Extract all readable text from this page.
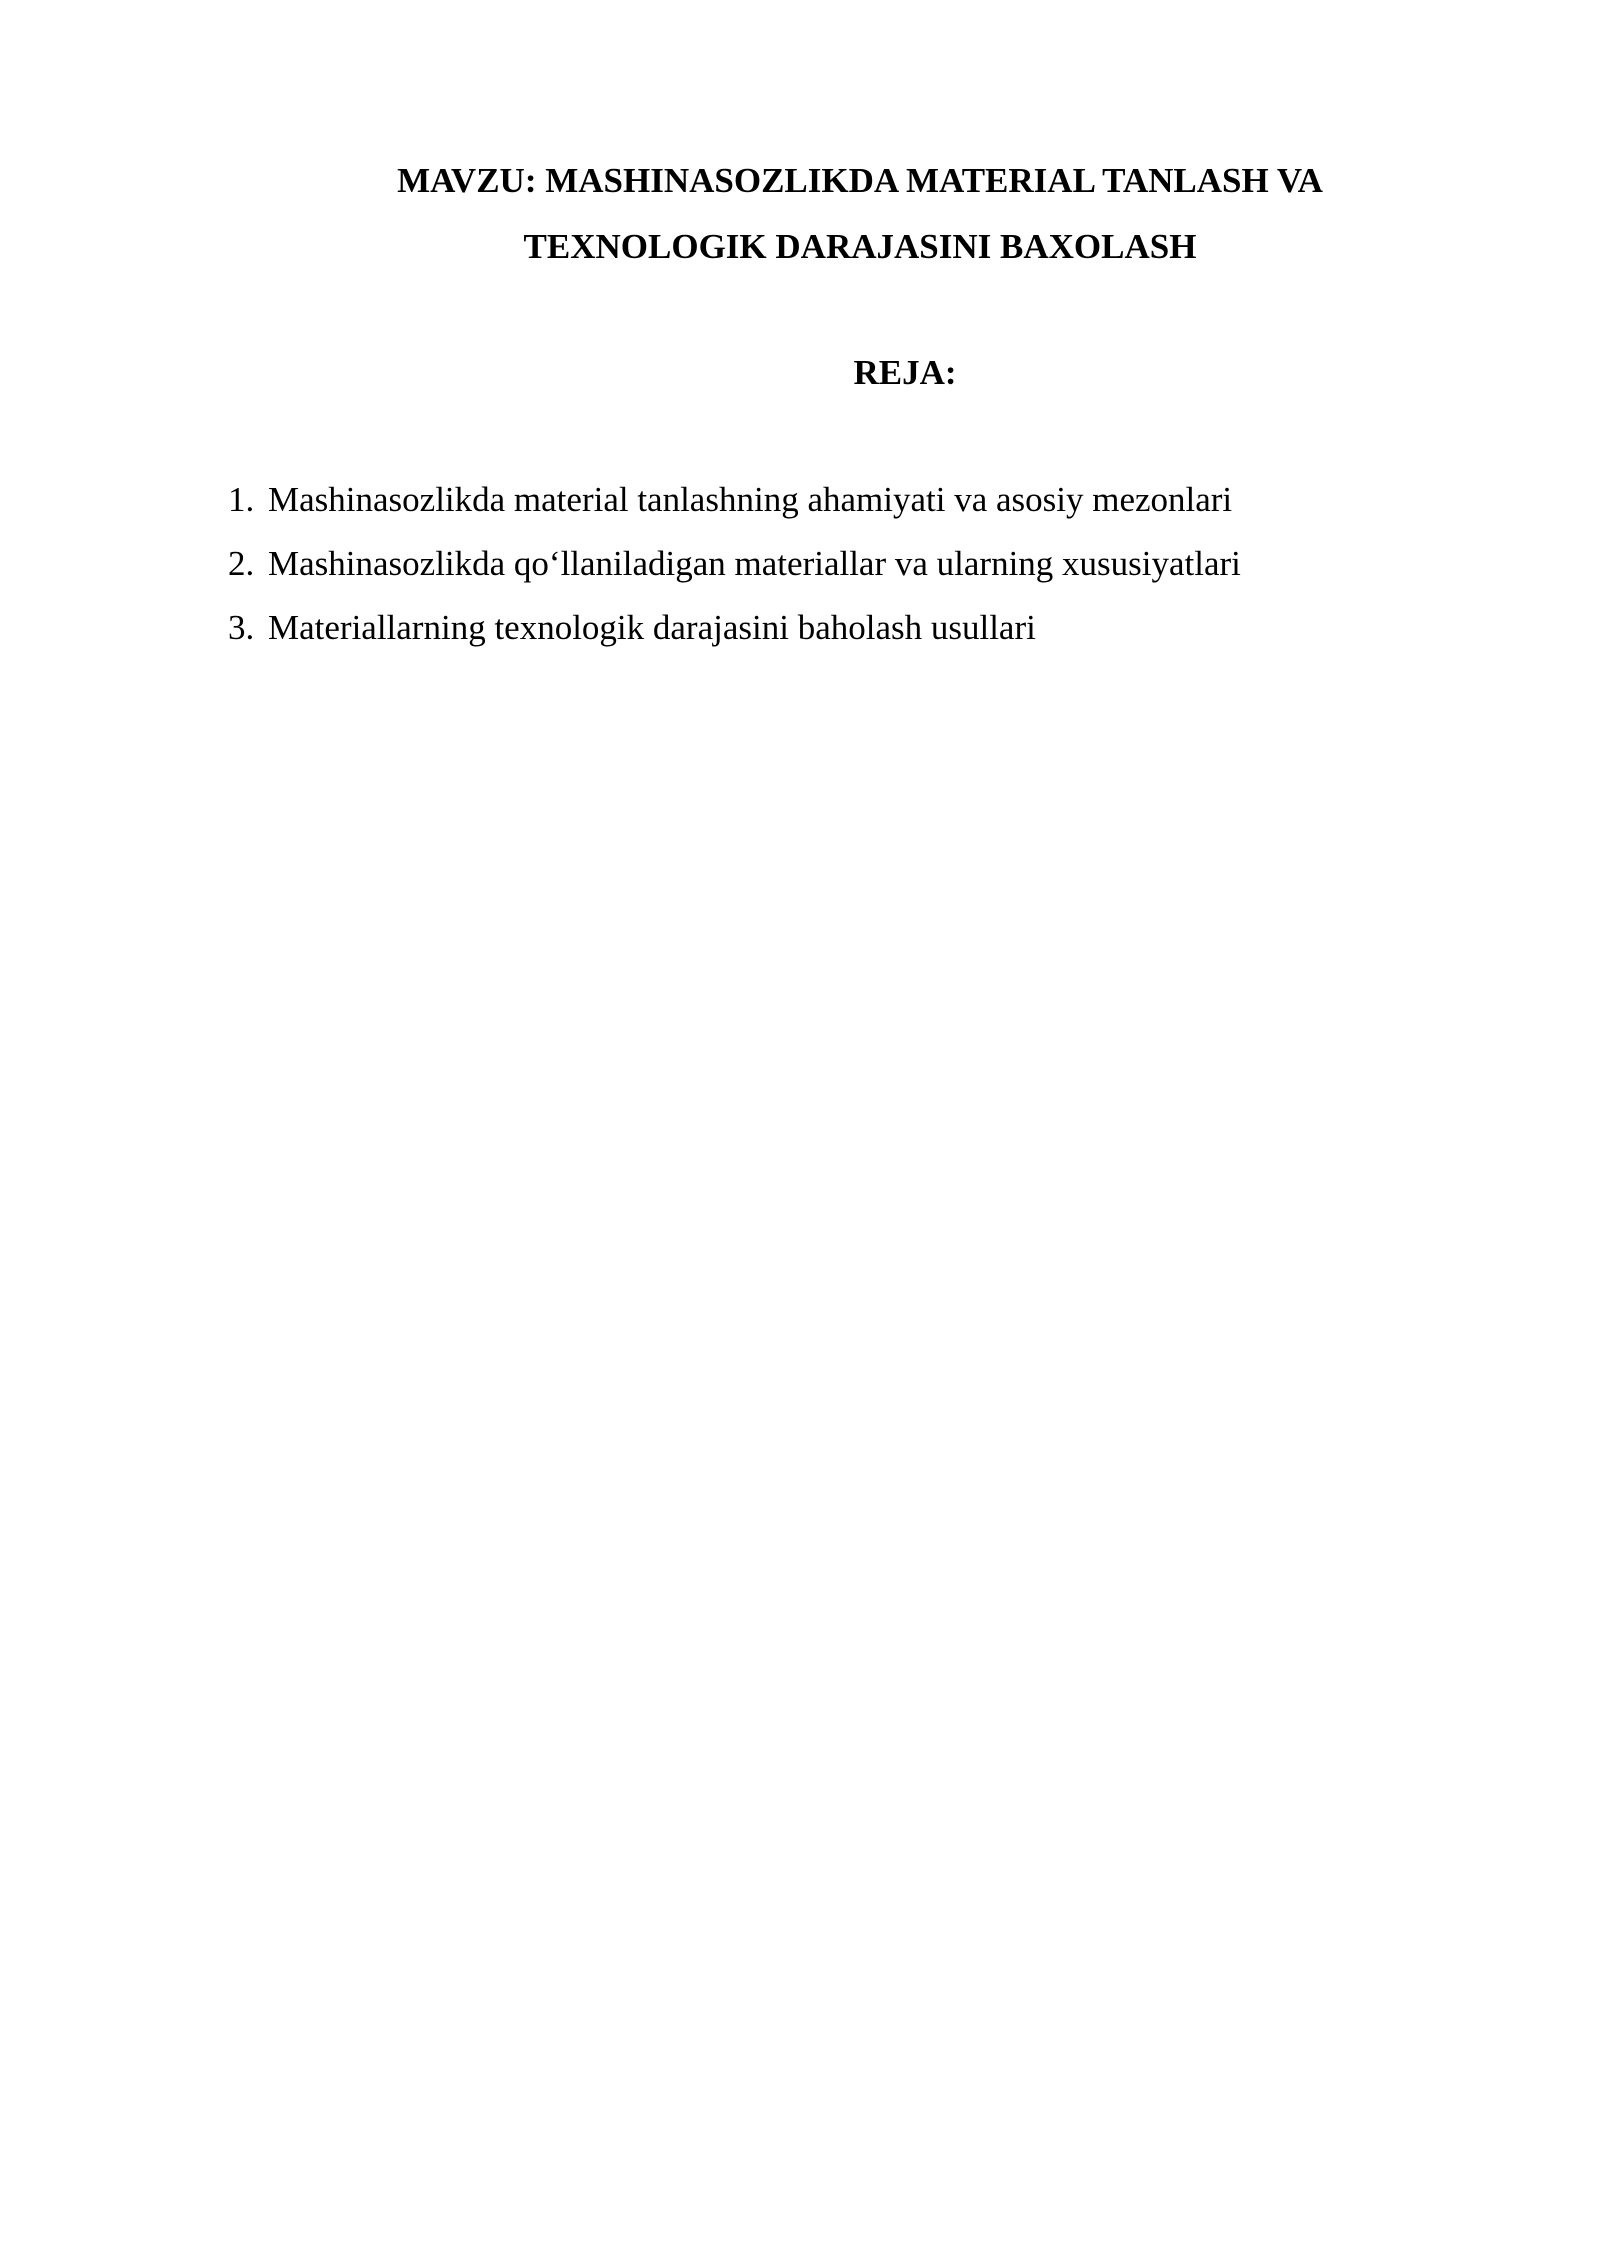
MAVZU: MASHINASOZLIKDA MATERIAL TANLASH VA
TEXNOLOGIK DARAJASINI BAXOLASH
REJA:
1. Mashinasozlikda material tanlashning ahamiyati va asosiy mezonlari
2. Mashinasozlikda qo‘llaniladigan materiallar va ularning xususiyatlari
3. Materiallarning texnologik darajasini baholash usullari
